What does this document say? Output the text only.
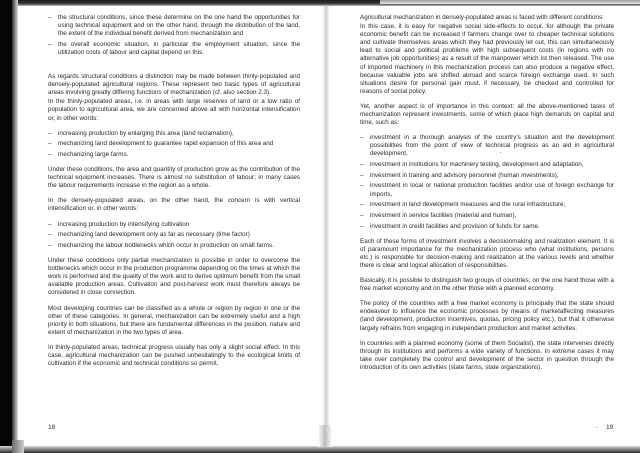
– the structural conditions, since these determine on the one hand the opportunities for using technical equipment and on the other hand, through the distribution of the land, the extent of the individual benefit derived from mechanization and
– the overall economic situation, in particular the employment situation, since the utilization costs of labour and capital depend on this.

As regards structural conditions a distinction may be made between thinly-populated and densely-populated agricultural regions. These represent two basic types of agricultural areas involving greatly differing functions of mechanization (cf. also section 2.3).

In the thinly-populated areas, i.e. in areas with large reserves of land or a low ratio of population to agricultural area, we are concerned above all with horizontal intensification or, in other words:

– increasing production by enlarging this area (land reclamation),
– mechanizing land development to guarantee rapid expansion of this area and
– mechanizing large farms.

Under these conditions, the area and quantity of production grow as the contribution of the technical equipment increases. There is almost no substitution of labour; in many cases the labour requirements increase in the region as a whole.

In the densely-populated areas, on the other hand, the concern is with vertical intensification or, in other words:

– increasing production by intensifying cultivation
– mechanizing land development only as far as necessary (time factor)
– mechanizing the labour bottlenecks which occur in production on small farms.

Under these conditions only partial mechanization is possible in order to overcome the bottlenecks which occur in the production programme depending on the times at which the work is performed and the quality of the work and to derive optimum benefit from the small available production areas. Cultivation and post-harvest work must therefore always be considered in close connection.

Most developing countries can be classified as a whole or region by region in one or the other of these categories. In general, mechanization can be extremely useful and a high priority in both situations, but there are fundamental differences in the position, nature and extent of mechanization in the two types of area.

In thinly-populated areas, technical progress usually has only a slight social effect. In this case, agricultural mechanization can be pushed unhesitatingly to the ecological limits of cultivation if the economic and technical conditions so permit.

18

Agricultural mechanization in densely-populated areas is faced with different conditions:

In this case, it is easy for negative social side-effects to occur, for although the private economic benefit can be increased if farmers change over to cheaper technical solutions and cultivate themselves areas which they had previously let out, this can simultaneously lead to social and political problems with high subsequent costs (in regions with no alternative job opportunities) as a result of the manpower which ist then released. The use of imported machinery in this mechanization process can also produce a negative effect, because valuable jobs are shifted abroad and scarce foreign exchange used. In such situations desire for personal gain must, if necessary, be checked and controlled for reasons of social policy.

Yet, another aspect is of importance in this context: all the above-mentioned tasks of mechanization represent investments, some of which place high demands on capital and time, such as:

– investment in a thorough analysis of the country's situation and the development possibilities from the point of view of technical progress as an aid in agricultural development,
– investment in institutions for machinery testing, development and adaptation,
– investment in training and advisory personnel (human investments),
– investment in local or national production facilities and/or use of foreign exchange for imports,
– investment in land development measures and the rural infrastructure,
– investment in service facilities (material and human),
– investment in credit facilities and provision of funds for same.

Each of these forms of investment involves a decisionmaking and realization element. It is of paramount importance for the mechanization process who (what institutions, persons etc.) is responsible for decision-making and realization at the various levels and whether there is clear and logical allocation of responsibilities.

Basically, it is possible to distinguish two groups of countries; on the one hand those with a free market economy and on the other those with a planned economy.

The policy of the countries with a free market economy is principally that the state should endeavour to influence the economic processes by means of marketaffecting measures (land development, production incentives, quotas, pricing policy etc.), but that it otherwise largely refrains from engaging in independant production and market activites.

In countries with a planned economy (some of them Socialist), the state intervenes directly through its institutions and performs a wide variety of functions. In extreme cases it may take over completely the control and development of the sector in question through the introduction of its own activities (state farms, state organizations).

19
